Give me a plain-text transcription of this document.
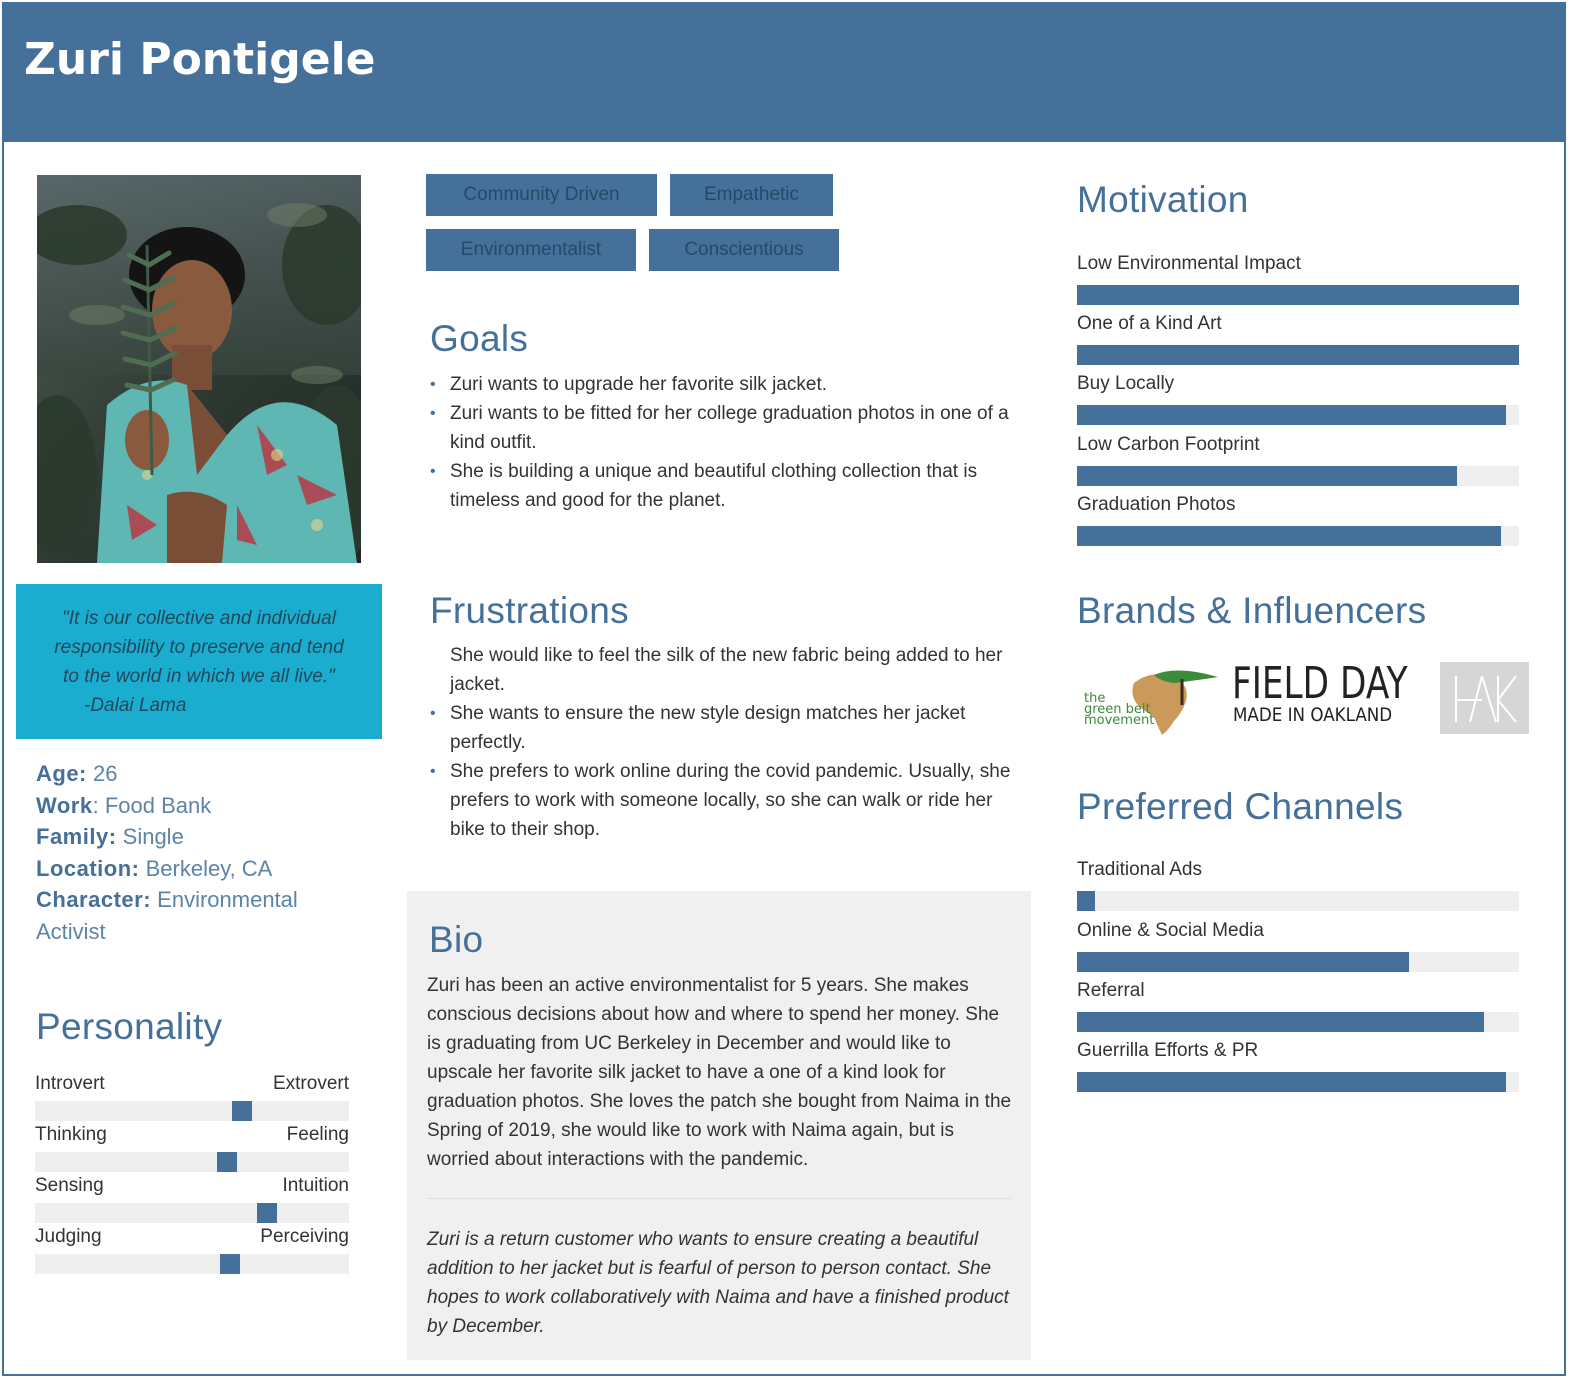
Zuri Pontigele
"It is our collective and individual
responsibility to preserve and tend
to the world in which we all live."
-Dalai Lama
Age: 26
Work: Food Bank
Family: Single
Location: Berkeley, CA
Character: Environmental Activist
Personality
Introvert	Extrovert
Thinking	Feeling
Sensing	Intuition
Judging	Perceiving
Community Driven	Empathetic
Environmentalist	Conscientious
Goals
• Zuri wants to upgrade her favorite silk jacket.
• Zuri wants to be fitted for her college graduation photos in one of a kind outfit.
• She is building a unique and beautiful clothing collection that is timeless and good for the planet.
Frustrations
She would like to feel the silk of the new fabric being added to her jacket.
• She wants to ensure the new style design matches her jacket perfectly.
• She prefers to work online during the covid pandemic. Usually, she prefers to work with someone locally, so she can walk or ride her bike to their shop.
Bio
Zuri has been an active environmentalist for 5 years. She makes conscious decisions about how and where to spend her money. She is graduating from UC Berkeley in December and would like to upscale her favorite silk jacket to have a one of a kind look for graduation photos. She loves the patch she bought from Naima in the Spring of 2019, she would like to work with Naima again, but is worried about interactions with the pandemic.
Zuri is a return customer who wants to ensure creating a beautiful addition to her jacket but is fearful of person to person contact. She hopes to work collaboratively with Naima and have a finished product by December.
Motivation
Low Environmental Impact
One of a Kind Art
Buy Locally
Low Carbon Footprint
Graduation Photos
Brands & Influencers
the
green belt
movement
FIELD DAY
MADE IN OAKLAND
Preferred Channels
Traditional Ads
Online & Social Media
Referral
Guerrilla Efforts & PR
